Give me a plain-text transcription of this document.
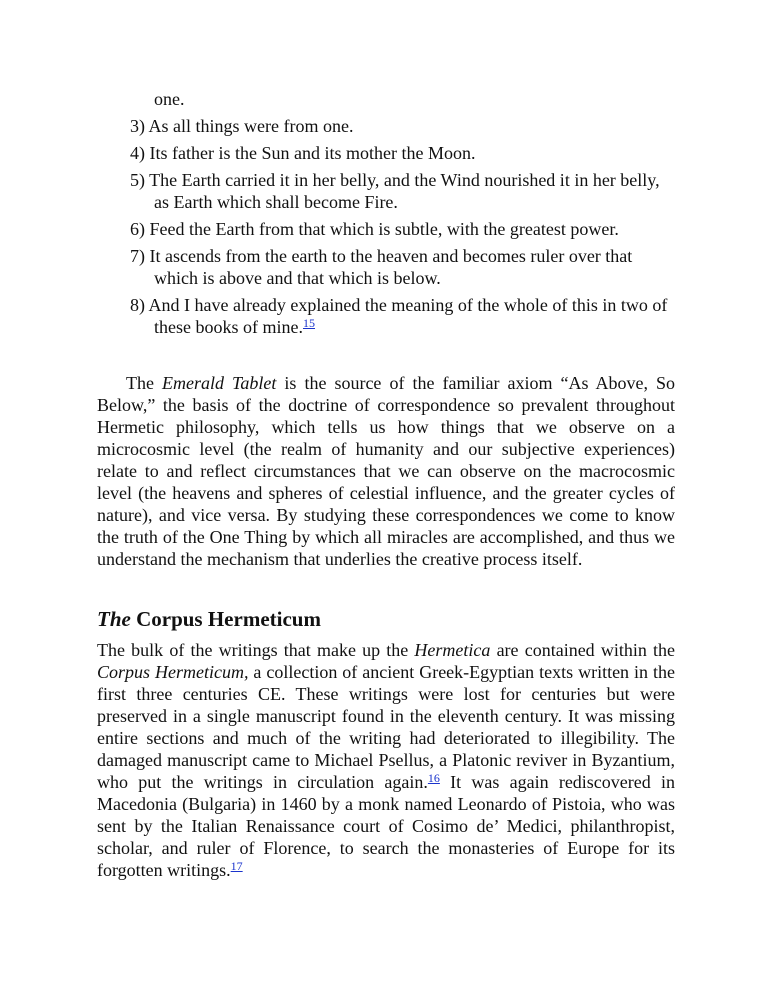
one.
3) As all things were from one.
4) Its father is the Sun and its mother the Moon.
5) The Earth carried it in her belly, and the Wind nourished it in her belly, as Earth which shall become Fire.
6) Feed the Earth from that which is subtle, with the greatest power.
7) It ascends from the earth to the heaven and becomes ruler over that which is above and that which is below.
8) And I have already explained the meaning of the whole of this in two of these books of mine.$^{15}$

The Emerald Tablet is the source of the familiar axiom “As Above, So Below,” the basis of the doctrine of correspondence so prevalent throughout Hermetic philosophy, which tells us how things that we observe on a microcosmic level (the realm of humanity and our subjective experiences) relate to and reflect circumstances that we can observe on the macrocosmic level (the heavens and spheres of celestial influence, and the greater cycles of nature), and vice versa. By studying these correspondences we come to know the truth of the One Thing by which all miracles are accomplished, and thus we understand the mechanism that underlies the creative process itself.

The Corpus Hermeticum

The bulk of the writings that make up the Hermetica are contained within the Corpus Hermeticum, a collection of ancient Greek-Egyptian texts written in the first three centuries CE. These writings were lost for centuries but were preserved in a single manuscript found in the eleventh century. It was missing entire sections and much of the writing had deteriorated to illegibility. The damaged manuscript came to Michael Psellus, a Platonic reviver in Byzantium, who put the writings in circulation again.$^{16}$ It was again rediscovered in Macedonia (Bulgaria) in 1460 by a monk named Leonardo of Pistoia, who was sent by the Italian Renaissance court of Cosimo de’ Medici, philanthropist, scholar, and ruler of Florence, to search the monasteries of Europe for its forgotten writings.$^{17}$
